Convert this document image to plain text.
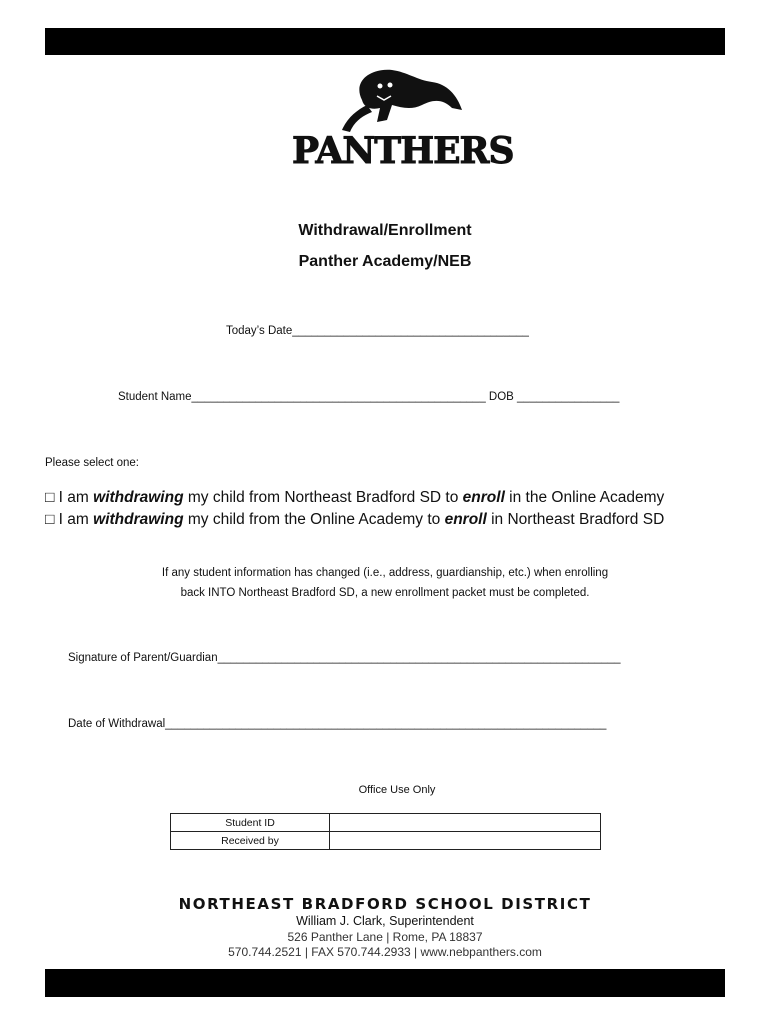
PANTHERS
Withdrawal/Enrollment
Panther Academy/NEB
Today’s Date_____________________________________
Student Name______________________________________________ DOB ________________
Please select one:
□ I am withdrawing my child from Northeast Bradford SD to enroll in the Online Academy
□ I am withdrawing my child from the Online Academy to enroll in Northeast Bradford SD
If any student information has changed (i.e., address, guardianship, etc.) when enrolling
back INTO Northeast Bradford SD, a new enrollment packet must be completed.
Signature of Parent/Guardian_______________________________________________________________
Date of Withdrawal_____________________________________________________________________
Office Use Only
Student ID	
Received by	
NORTHEAST BRADFORD SCHOOL DISTRICT
William J. Clark, Superintendent
526 Panther Lane | Rome, PA 18837
570.744.2521 | FAX 570.744.2933 | www.nebpanthers.com
